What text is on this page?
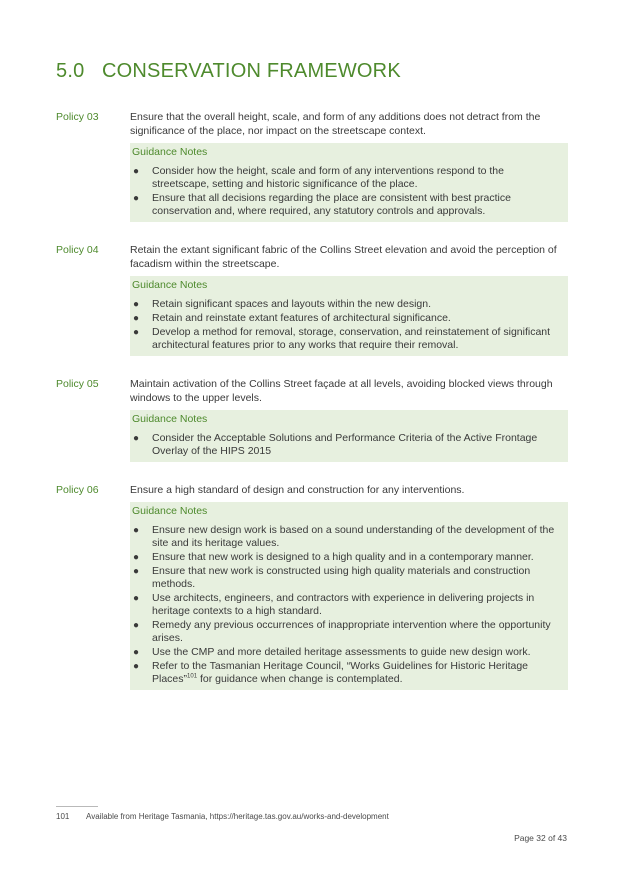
5.0 CONSERVATION FRAMEWORK
Policy 03	Ensure that the overall height, scale, and form of any additions does not detract from the significance of the place, nor impact on the streetscape context.

Guidance Notes

● Consider how the height, scale and form of any interventions respond to the streetscape, setting and historic significance of the place.
● Ensure that all decisions regarding the place are consistent with best practice conservation and, where required, any statutory controls and approvals.
Policy 04	Retain the extant significant fabric of the Collins Street elevation and avoid the perception of facadism within the streetscape.

Guidance Notes

● Retain significant spaces and layouts within the new design.
● Retain and reinstate extant features of architectural significance.
● Develop a method for removal, storage, conservation, and reinstatement of significant architectural features prior to any works that require their removal.
Policy 05	Maintain activation of the Collins Street façade at all levels, avoiding blocked views through windows to the upper levels.

Guidance Notes

● Consider the Acceptable Solutions and Performance Criteria of the Active Frontage Overlay of the HIPS 2015
Policy 06	Ensure a high standard of design and construction for any interventions.

Guidance Notes

● Ensure new design work is based on a sound understanding of the development of the site and its heritage values.
● Ensure that new work is designed to a high quality and in a contemporary manner.
● Ensure that new work is constructed using high quality materials and construction methods.
● Use architects, engineers, and contractors with experience in delivering projects in heritage contexts to a high standard.
● Remedy any previous occurrences of inappropriate intervention where the opportunity arises.
● Use the CMP and more detailed heritage assessments to guide new design work.
● Refer to the Tasmanian Heritage Council, “Works Guidelines for Historic Heritage Places”$^{101}$ for guidance when change is contemplated.
101 Available from Heritage Tasmania, https://heritage.tas.gov.au/works-and-development
Page 32 of 43
